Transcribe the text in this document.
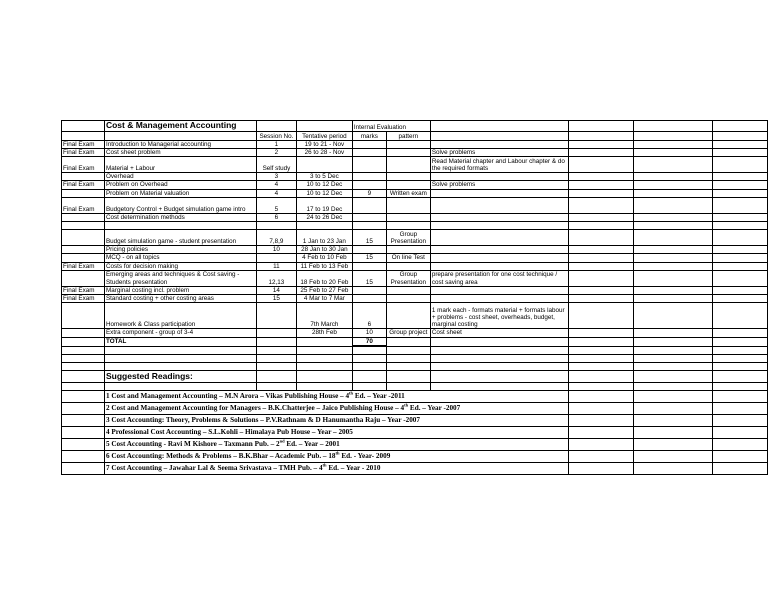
	Cost & Management Accounting			Internal Evaluation					
		Session No.	Tentative period	marks	pattern				
Final Exam	Introduction to Managerial accounting	1	19 to 21 - Nov						
Final Exam	Cost sheet problem	2	26 to 28 - Nov			Solve problems			
Final Exam	Material + Labour	Self study				Read Material chapter and Labour chapter & do the required formats			
	Overhead	3	3 to 5 Dec						
Final Exam	Problem on Overhead	4	10 to 12 Dec			Solve problems			
	Problem on Material valuation	4	10 to 12 Dec	9	Written exam				
Final Exam	Budgetory Control + Budget simulation game intro	5	17 to 19 Dec						
	Cost determination methods	6	24 to 26 Dec						

	Budget simulation game - student presentation	7,8,9	1 Jan to 23 Jan	15	Group Presentation				
	Pricing policies	10	28 Jan to 30 Jan						
	MCQ - on all topics		4 Feb to 10 Feb	15	On line Test				
Final Exam	Costs for decision making	11	11 Feb to 13 Feb						
	Emerging areas and techniques & Cost saving - Students presentation	12,13	18 Feb to 20 Feb	15	Group Presentation	prepare presentation for one cost technique / cost saving area			
Final Exam	Marginal costing incl. problem	14	25 Feb to 27 Feb						
Final Exam	Standard costing + other costing areas	15	4 Mar to 7 Mar						
	Homework & Class participation		7th March	6		1 mark each - formats material + formats labour + problems - cost sheet, overheads, budget, marginal costing			
	Extra component - group of 3-4		28th Feb	10	Group project	Cost sheet			
	TOTAL			70					

	Suggested Readings:								

	1 Cost and Management Accounting – M.N Arora – Vikas Publishing House – 4th Ed. – Year -2011								
	2 Cost and Management Accounting for Managers – B.K.Chatterjee – Jaico Publishing House – 4th Ed. – Year -2007								
	3 Cost Accounting: Theory, Problems & Solutions – P.V.Rathnam & D Hanumantha Raju – Year -2007								
	4 Professional Cost Accounting – S.L.Kohli – Himalaya Pub House – Year – 2005								
	5 Cost Accounting - Ravi M Kishore – Taxmann Pub. – 2nd Ed. – Year – 2001								
	6 Cost Accounting: Methods & Problems – B.K.Bhar – Academic Pub. – 18th Ed. - Year- 2009								
	7 Cost Accounting – Jawahar Lal & Seema Srivastava – TMH Pub. – 4th Ed. – Year - 2010								
